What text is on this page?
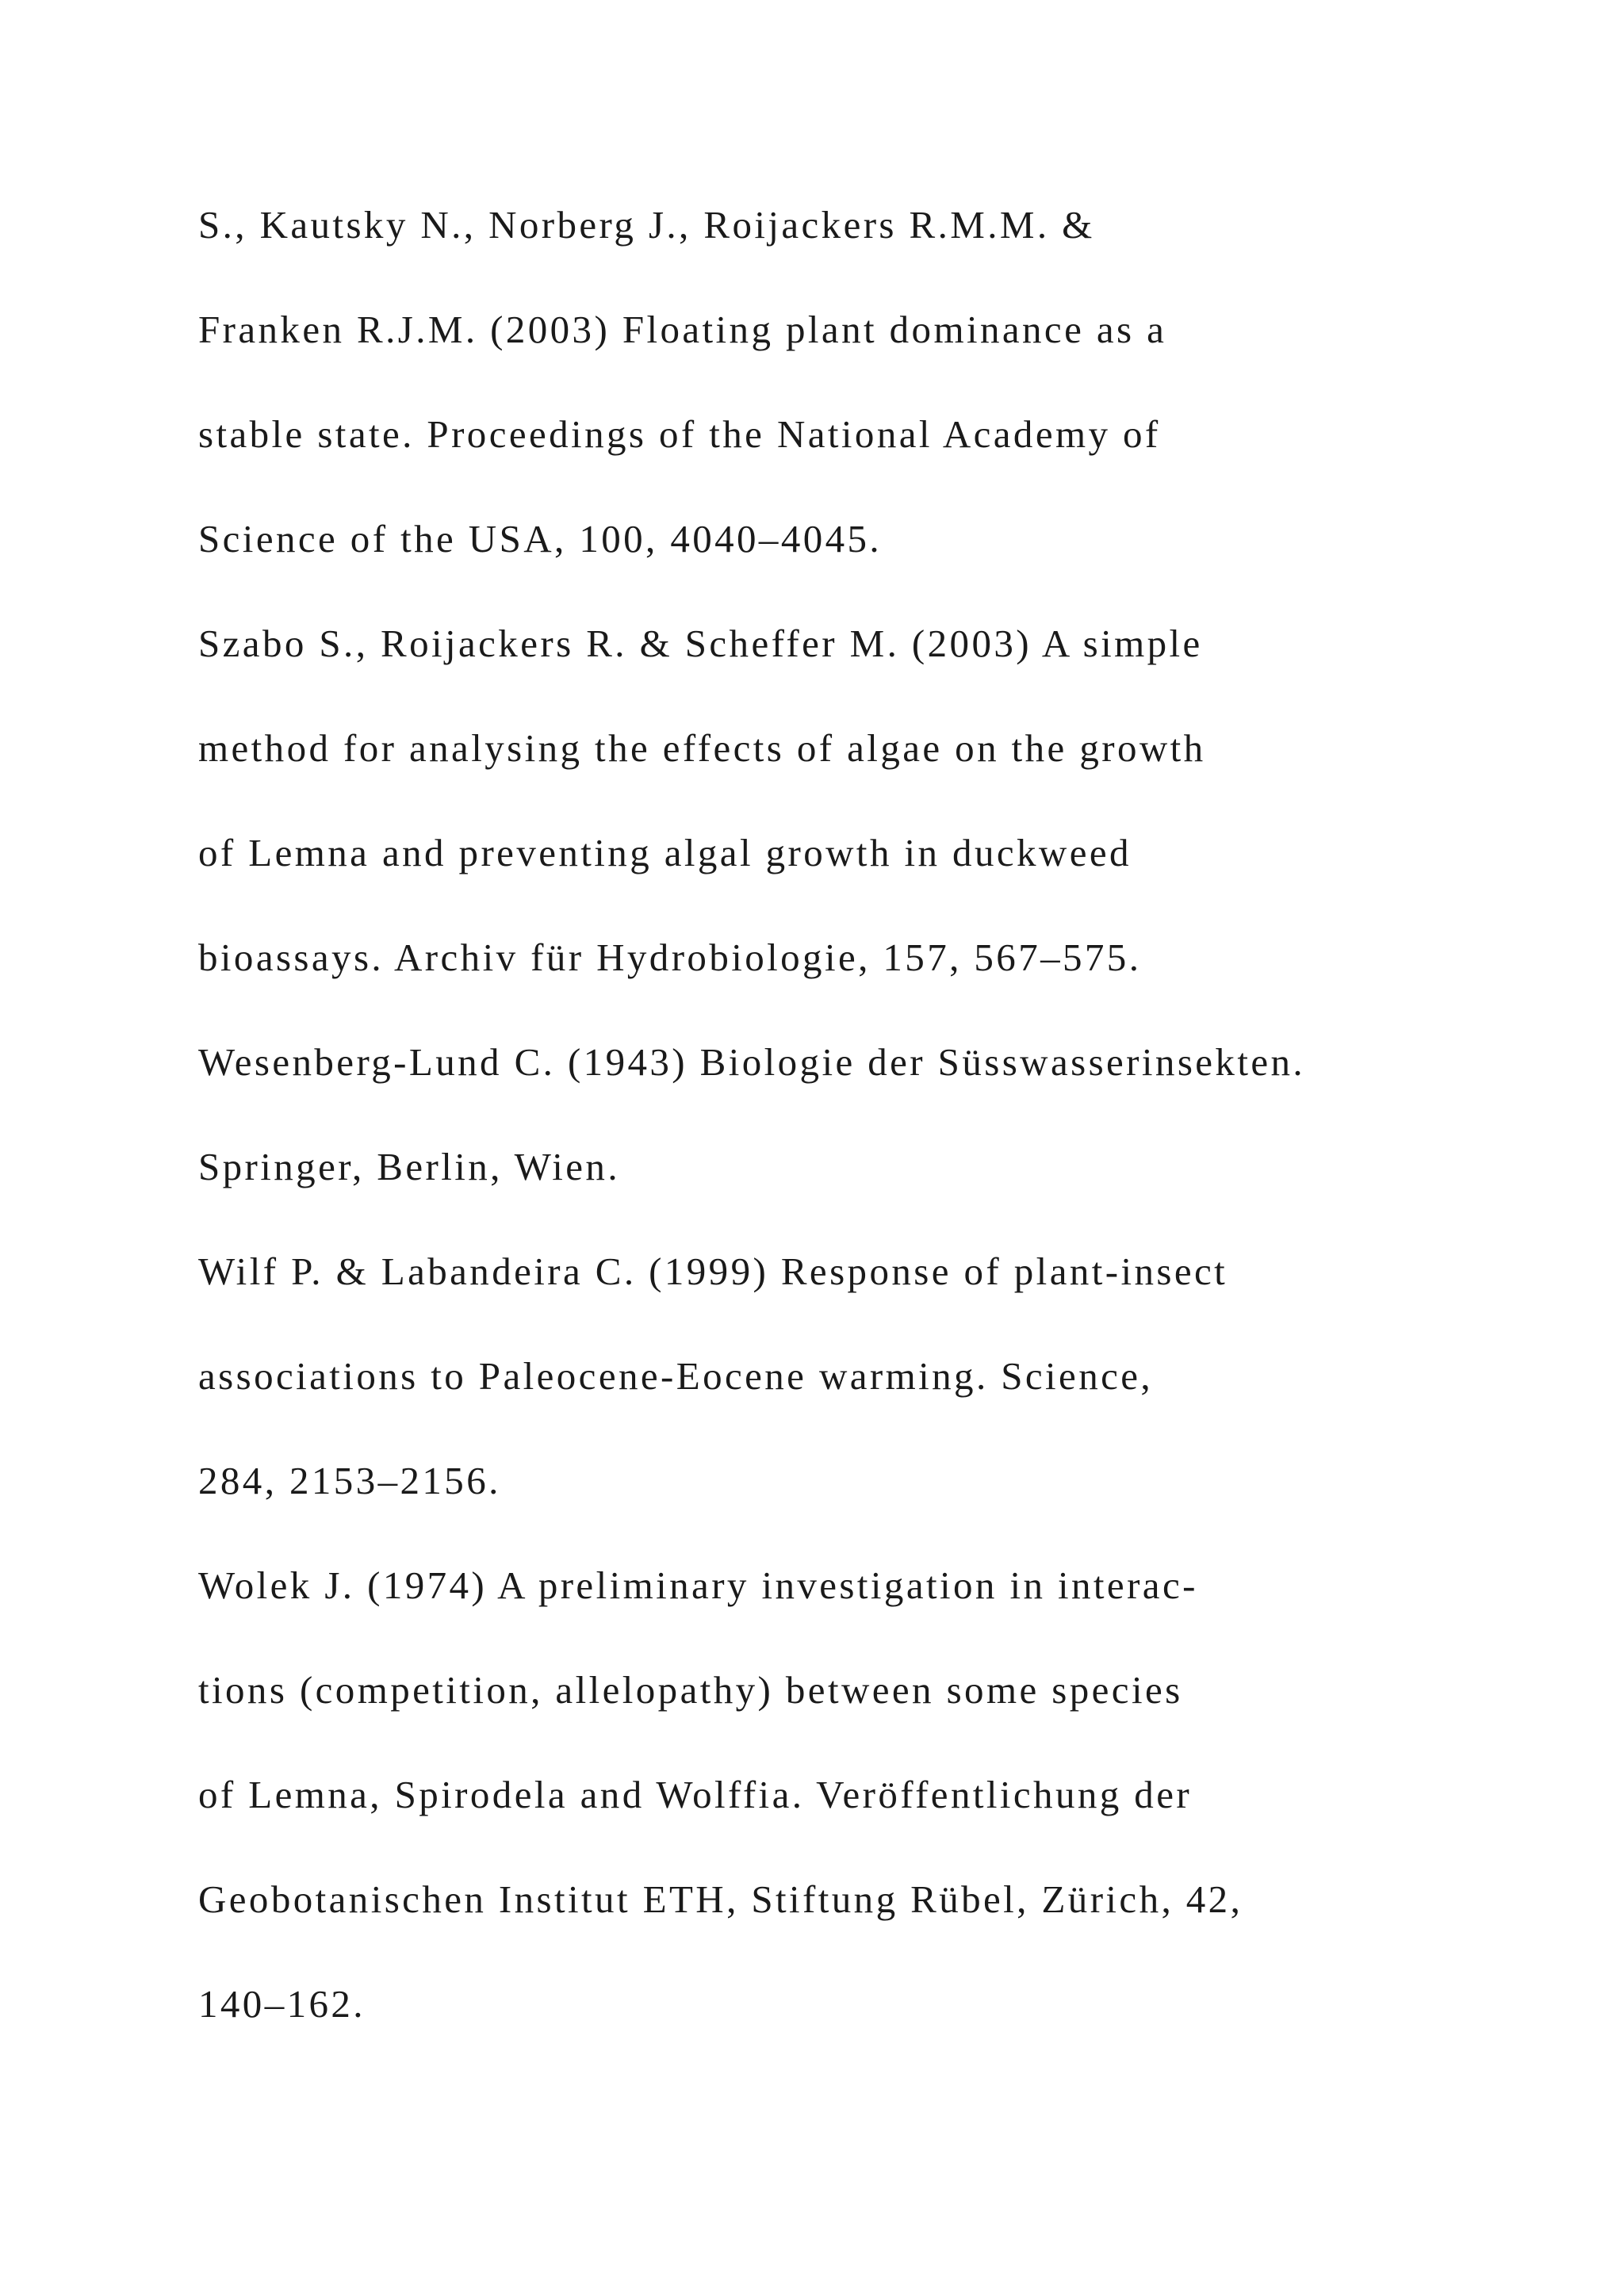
S., Kautsky N., Norberg J., Roijackers R.M.M. &
Franken R.J.M. (2003) Floating plant dominance as a
stable state. Proceedings of the National Academy of
Science of the USA, 100, 4040–4045.
Szabo S., Roijackers R. & Scheffer M. (2003) A simple
method for analysing the effects of algae on the growth
of Lemna and preventing algal growth in duckweed
bioassays. Archiv für Hydrobiologie, 157, 567–575.
Wesenberg-Lund C. (1943) Biologie der Süsswasserinsekten.
Springer, Berlin, Wien.
Wilf P. & Labandeira C. (1999) Response of plant-insect
associations to Paleocene-Eocene warming. Science,
284, 2153–2156.
Wolek J. (1974) A preliminary investigation in interac-
tions (competition, allelopathy) between some species
of Lemna, Spirodela and Wolffia. Veröffentlichung der
Geobotanischen Institut ETH, Stiftung Rübel, Zürich, 42,
140–162.
